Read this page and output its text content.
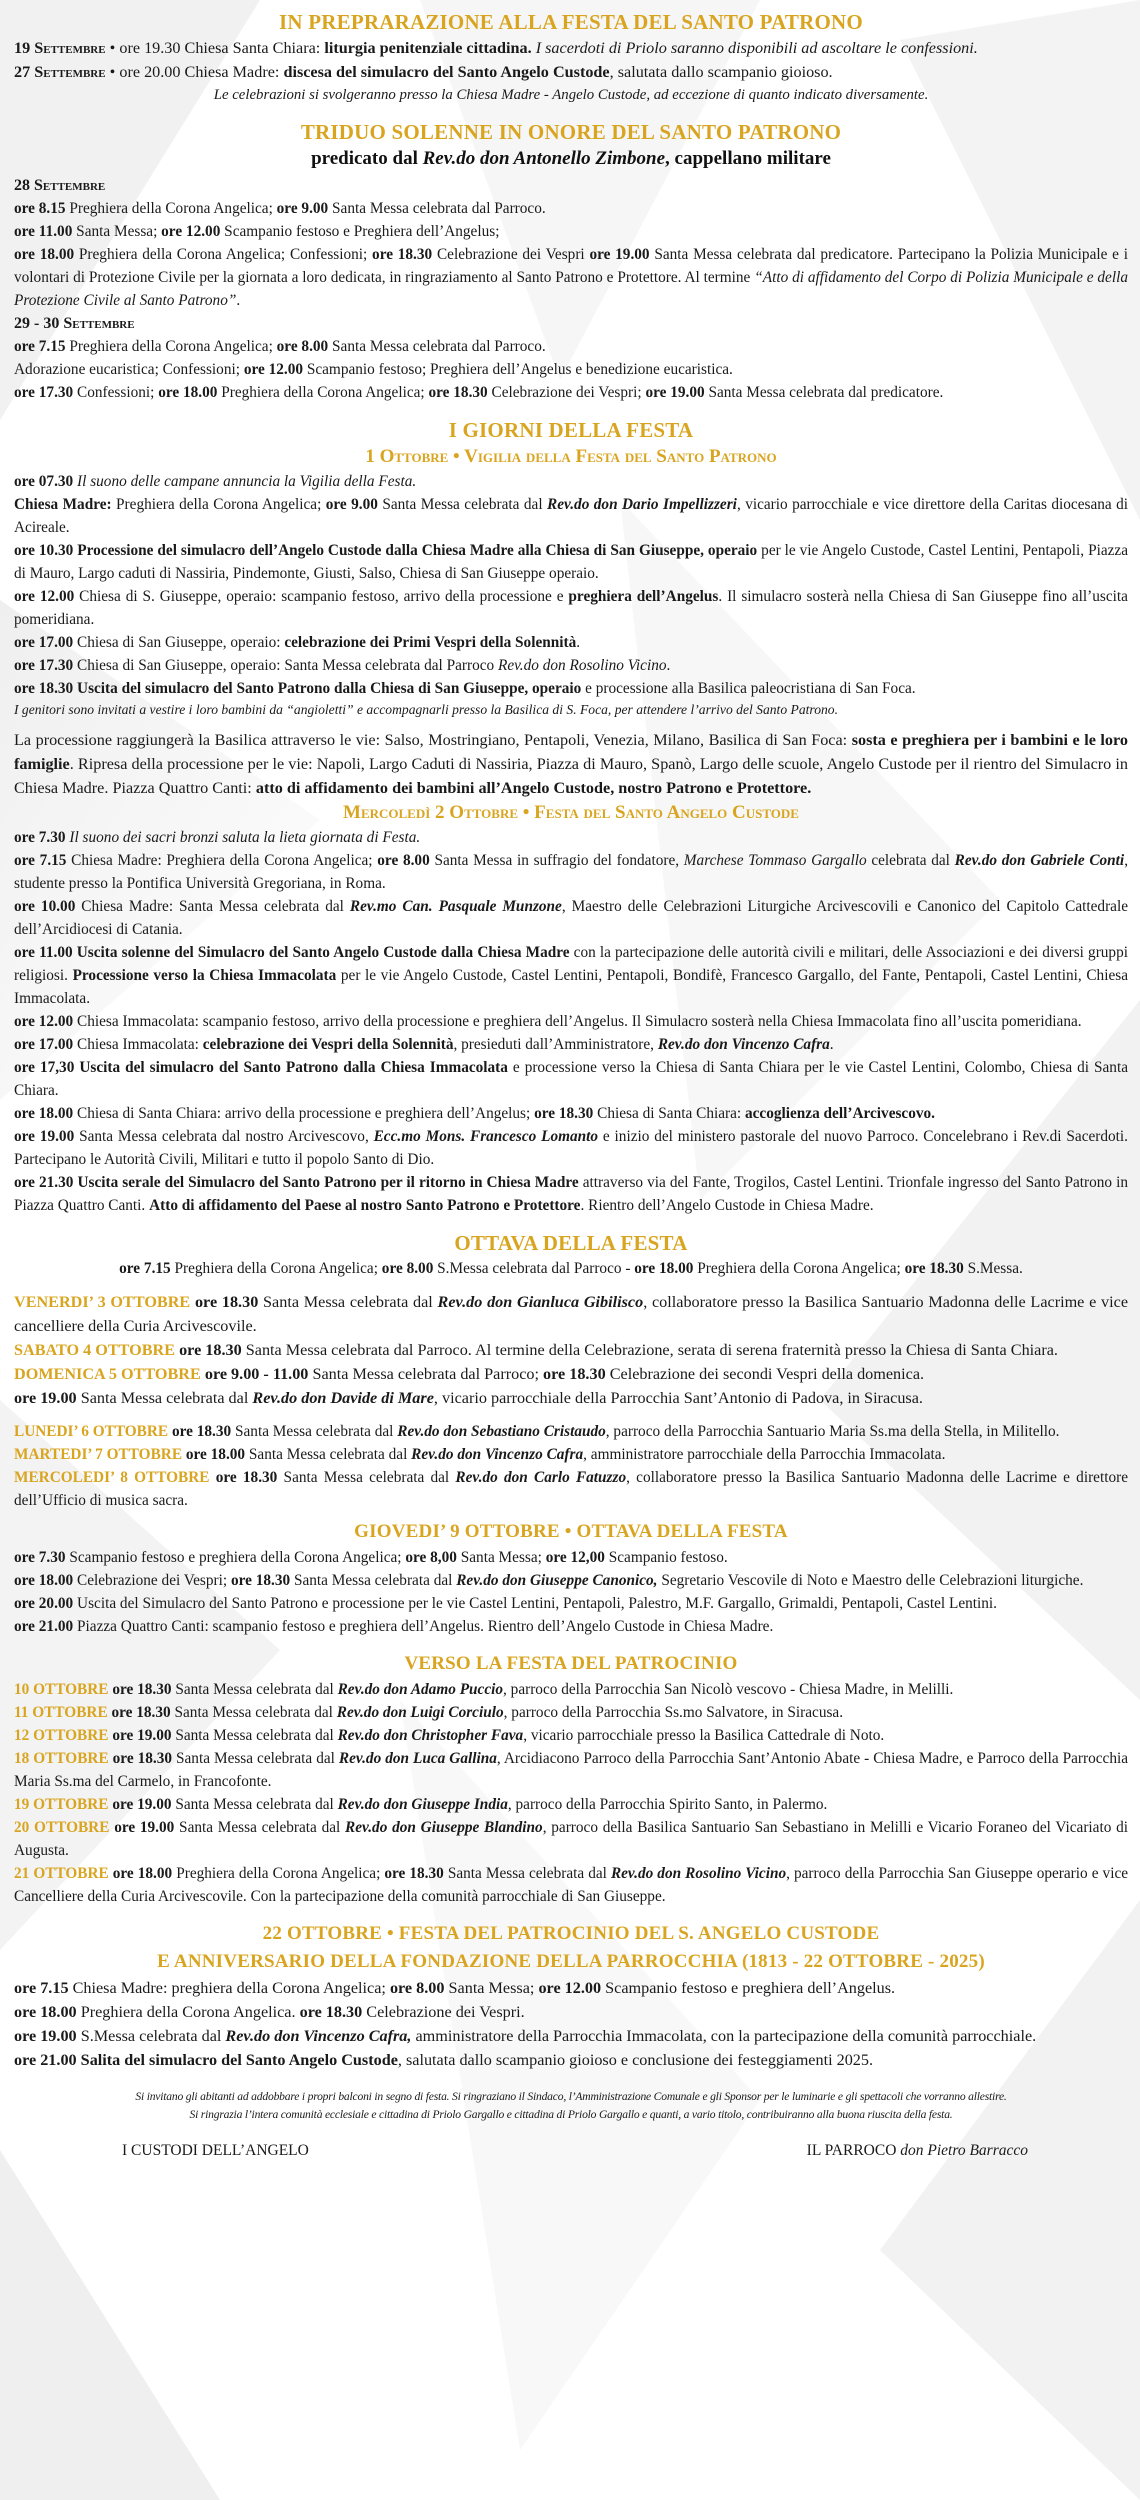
IN PREPRARAZIONE ALLA FESTA DEL SANTO PATRONO

19 Settembre • ore 19.30 Chiesa Santa Chiara: liturgia penitenziale cittadina. I sacerdoti di Priolo saranno disponibili ad ascoltare le confessioni.

27 Settembre • ore 20.00 Chiesa Madre: discesa del simulacro del Santo Angelo Custode, salutata dallo scampanio gioioso.

Le celebrazioni si svolgeranno presso la Chiesa Madre - Angelo Custode, ad eccezione di quanto indicato diversamente.

TRIDUO SOLENNE IN ONORE DEL SANTO PATRONO

predicato dal Rev.do don Antonello Zimbone, cappellano militare

28 Settembre

ore 8.15 Preghiera della Corona Angelica; ore 9.00 Santa Messa celebrata dal Parroco.

ore 11.00 Santa Messa; ore 12.00 Scampanio festoso e Preghiera dell’Angelus;

ore 18.00 Preghiera della Corona Angelica; Confessioni; ore 18.30 Celebrazione dei Vespri ore 19.00 Santa Messa celebrata dal predicatore. Partecipano la Polizia Municipale e i volontari di Protezione Civile per la giornata a loro dedicata, in ringraziamento al Santo Patrono e Protettore. Al termine “Atto di affidamento del Corpo di Polizia Municipale e della Protezione Civile al Santo Patrono”.

29 - 30 Settembre

ore 7.15 Preghiera della Corona Angelica; ore 8.00 Santa Messa celebrata dal Parroco.

Adorazione eucaristica; Confessioni; ore 12.00 Scampanio festoso; Preghiera dell’Angelus e benedizione eucaristica.

ore 17.30 Confessioni; ore 18.00 Preghiera della Corona Angelica; ore 18.30 Celebrazione dei Vespri; ore 19.00 Santa Messa celebrata dal predicatore.

I GIORNI DELLA FESTA
1 Ottobre • Vigilia della Festa del Santo Patrono

ore 07.30 Il suono delle campane annuncia la Vigilia della Festa.

Chiesa Madre: Preghiera della Corona Angelica; ore 9.00 Santa Messa celebrata dal Rev.do don Dario Impellizzeri, vicario parrocchiale e vice direttore della Caritas diocesana di Acireale.

ore 10.30 Processione del simulacro dell’Angelo Custode dalla Chiesa Madre alla Chiesa di San Giuseppe, operaio per le vie Angelo Custode, Castel Lentini, Pentapoli, Piazza di Mauro, Largo caduti di Nassiria, Pindemonte, Giusti, Salso, Chiesa di San Giuseppe operaio.

ore 12.00 Chiesa di S. Giuseppe, operaio: scampanio festoso, arrivo della processione e preghiera dell’Angelus. Il simulacro sosterà nella Chiesa di San Giuseppe fino all’uscita pomeridiana.

ore 17.00 Chiesa di San Giuseppe, operaio: celebrazione dei Primi Vespri della Solennità.

ore 17.30 Chiesa di San Giuseppe, operaio: Santa Messa celebrata dal Parroco Rev.do don Rosolino Vicino.

ore 18.30 Uscita del simulacro del Santo Patrono dalla Chiesa di San Giuseppe, operaio e processione alla Basilica paleocristiana di San Foca.

I genitori sono invitati a vestire i loro bambini da “angioletti” e accompagnarli presso la Basilica di S. Foca, per attendere l’arrivo del Santo Patrono.

La processione raggiungerà la Basilica attraverso le vie: Salso, Mostringiano, Pentapoli, Venezia, Milano, Basilica di San Foca: sosta e preghiera per i bambini e le loro famiglie. Ripresa della processione per le vie: Napoli, Largo Caduti di Nassiria, Piazza di Mauro, Spanò, Largo delle scuole, Angelo Custode per il rientro del Simulacro in Chiesa Madre. Piazza Quattro Canti: atto di affidamento dei bambini all’Angelo Custode, nostro Patrono e Protettore.

Mercoledì 2 Ottobre • Festa del Santo Angelo Custode

ore 7.30 Il suono dei sacri bronzi saluta la lieta giornata di Festa.

ore 7.15 Chiesa Madre: Preghiera della Corona Angelica; ore 8.00 Santa Messa in suffragio del fondatore, Marchese Tommaso Gargallo celebrata dal Rev.do don Gabriele Conti, studente presso la Pontifica Università Gregoriana, in Roma.

ore 10.00 Chiesa Madre: Santa Messa celebrata dal Rev.mo Can. Pasquale Munzone, Maestro delle Celebrazioni Liturgiche Arcivescovili e Canonico del Capitolo Cattedrale dell’Arcidiocesi di Catania.

ore 11.00 Uscita solenne del Simulacro del Santo Angelo Custode dalla Chiesa Madre con la partecipazione delle autorità civili e militari, delle Associazioni e dei diversi gruppi religiosi. Processione verso la Chiesa Immacolata per le vie Angelo Custode, Castel Lentini, Pentapoli, Bondifè, Francesco Gargallo, del Fante, Pentapoli, Castel Lentini, Chiesa Immacolata.

ore 12.00 Chiesa Immacolata: scampanio festoso, arrivo della processione e preghiera dell’Angelus. Il Simulacro sosterà nella Chiesa Immacolata fino all’uscita pomeridiana.

ore 17.00 Chiesa Immacolata: celebrazione dei Vespri della Solennità, presieduti dall’Amministratore, Rev.do don Vincenzo Cafra.

ore 17,30 Uscita del simulacro del Santo Patrono dalla Chiesa Immacolata e processione verso la Chiesa di Santa Chiara per le vie Castel Lentini, Colombo, Chiesa di Santa Chiara.

ore 18.00 Chiesa di Santa Chiara: arrivo della processione e preghiera dell’Angelus; ore 18.30 Chiesa di Santa Chiara: accoglienza dell’Arcivescovo.

ore 19.00 Santa Messa celebrata dal nostro Arcivescovo, Ecc.mo Mons. Francesco Lomanto e inizio del ministero pastorale del nuovo Parroco. Concelebrano i Rev.di Sacerdoti. Partecipano le Autorità Civili, Militari e tutto il popolo Santo di Dio.

ore 21.30 Uscita serale del Simulacro del Santo Patrono per il ritorno in Chiesa Madre attraverso via del Fante, Trogilos, Castel Lentini. Trionfale ingresso del Santo Patrono in Piazza Quattro Canti. Atto di affidamento del Paese al nostro Santo Patrono e Protettore. Rientro dell’Angelo Custode in Chiesa Madre.

OTTAVA DELLA FESTA

ore 7.15 Preghiera della Corona Angelica; ore 8.00 S.Messa celebrata dal Parroco - ore 18.00 Preghiera della Corona Angelica; ore 18.30 S.Messa.

VENERDI’ 3 OTTOBRE ore 18.30 Santa Messa celebrata dal Rev.do don Gianluca Gibilisco, collaboratore presso la Basilica Santuario Madonna delle Lacrime e vice cancelliere della Curia Arcivescovile.

SABATO 4 OTTOBRE ore 18.30 Santa Messa celebrata dal Parroco. Al termine della Celebrazione, serata di serena fraternità presso la Chiesa di Santa Chiara.

DOMENICA 5 OTTOBRE ore 9.00 - 11.00 Santa Messa celebrata dal Parroco; ore 18.30 Celebrazione dei secondi Vespri della domenica.

ore 19.00 Santa Messa celebrata dal Rev.do don Davide di Mare, vicario parrocchiale della Parrocchia Sant’Antonio di Padova, in Siracusa.

LUNEDI’ 6 OTTOBRE ore 18.30 Santa Messa celebrata dal Rev.do don Sebastiano Cristaudo, parroco della Parrocchia Santuario Maria Ss.ma della Stella, in Militello.

MARTEDI’ 7 OTTOBRE ore 18.00 Santa Messa celebrata dal Rev.do don Vincenzo Cafra, amministratore parrocchiale della Parrocchia Immacolata.

MERCOLEDI’ 8 OTTOBRE ore 18.30 Santa Messa celebrata dal Rev.do don Carlo Fatuzzo, collaboratore presso la Basilica Santuario Madonna delle Lacrime e direttore dell’Ufficio di musica sacra.

GIOVEDI’ 9 OTTOBRE • OTTAVA DELLA FESTA

ore 7.30 Scampanio festoso e preghiera della Corona Angelica; ore 8,00 Santa Messa; ore 12,00 Scampanio festoso.

ore 18.00 Celebrazione dei Vespri; ore 18.30 Santa Messa celebrata dal Rev.do don Giuseppe Canonico, Segretario Vescovile di Noto e Maestro delle Celebrazioni liturgiche.

ore 20.00 Uscita del Simulacro del Santo Patrono e processione per le vie Castel Lentini, Pentapoli, Palestro, M.F. Gargallo, Grimaldi, Pentapoli, Castel Lentini.

ore 21.00 Piazza Quattro Canti: scampanio festoso e preghiera dell’Angelus. Rientro dell’Angelo Custode in Chiesa Madre.

VERSO LA FESTA DEL PATROCINIO

10 OTTOBRE ore 18.30 Santa Messa celebrata dal Rev.do don Adamo Puccio, parroco della Parrocchia San Nicolò vescovo - Chiesa Madre, in Melilli.

11 OTTOBRE ore 18.30 Santa Messa celebrata dal Rev.do don Luigi Corciulo, parroco della Parrocchia Ss.mo Salvatore, in Siracusa.

12 OTTOBRE ore 19.00 Santa Messa celebrata dal Rev.do don Christopher Fava, vicario parrocchiale presso la Basilica Cattedrale di Noto.

18 OTTOBRE ore 18.30 Santa Messa celebrata dal Rev.do don Luca Gallina, Arcidiacono Parroco della Parrocchia Sant’Antonio Abate - Chiesa Madre, e Parroco della Parrocchia Maria Ss.ma del Carmelo, in Francofonte.

19 OTTOBRE ore 19.00 Santa Messa celebrata dal Rev.do don Giuseppe India, parroco della Parrocchia Spirito Santo, in Palermo.

20 OTTOBRE ore 19.00 Santa Messa celebrata dal Rev.do don Giuseppe Blandino, parroco della Basilica Santuario San Sebastiano in Melilli e Vicario Foraneo del Vicariato di Augusta.

21 OTTOBRE ore 18.00 Preghiera della Corona Angelica; ore 18.30 Santa Messa celebrata dal Rev.do don Rosolino Vicino, parroco della Parrocchia San Giuseppe operario e vice Cancelliere della Curia Arcivescovile. Con la partecipazione della comunità parrocchiale di San Giuseppe.

22 OTTOBRE • FESTA DEL PATROCINIO DEL S. ANGELO CUSTODE
E ANNIVERSARIO DELLA FONDAZIONE DELLA PARROCCHIA (1813 - 22 OTTOBRE - 2025)

ore 7.15 Chiesa Madre: preghiera della Corona Angelica; ore 8.00 Santa Messa; ore 12.00 Scampanio festoso e preghiera dell’Angelus.

ore 18.00 Preghiera della Corona Angelica. ore 18.30 Celebrazione dei Vespri.

ore 19.00 S.Messa celebrata dal Rev.do don Vincenzo Cafra, amministratore della Parrocchia Immacolata, con la partecipazione della comunità parrocchiale.

ore 21.00 Salita del simulacro del Santo Angelo Custode, salutata dallo scampanio gioioso e conclusione dei festeggiamenti 2025.

Si invitano gli abitanti ad addobbare i propri balconi in segno di festa. Si ringraziano il Sindaco, l’Amministrazione Comunale e gli Sponsor per le luminarie e gli spettacoli che vorranno allestire.

Si ringrazia l’intera comunità ecclesiale e cittadina di Priolo Gargallo e cittadina di Priolo Gargallo e quanti, a vario titolo, contribuiranno alla buona riuscita della festa.

I CUSTODI DELL’ANGELO	IL PARROCO don Pietro Barracco
